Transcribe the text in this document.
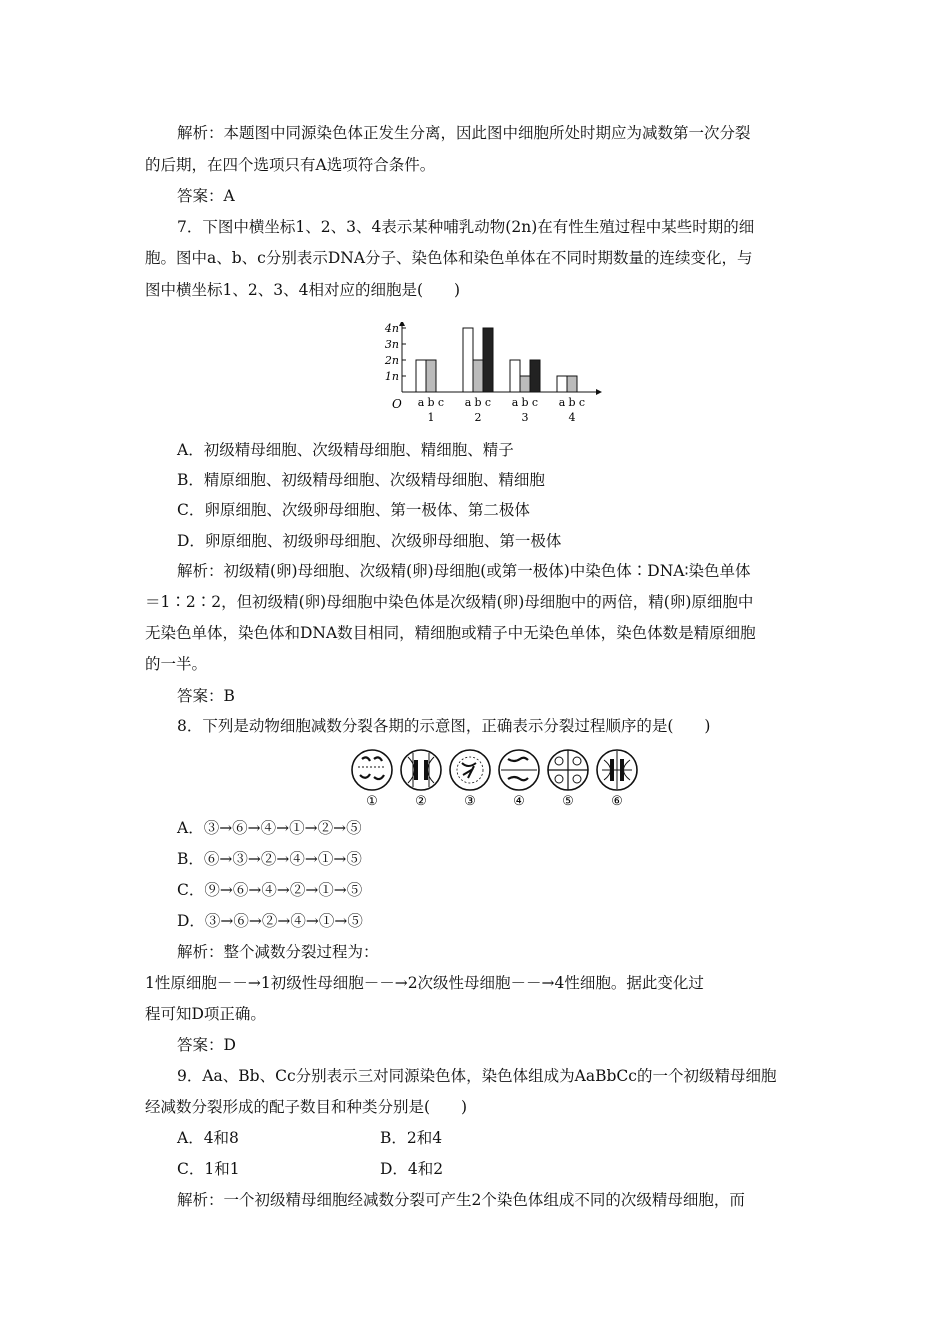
解析：本题图中同源染色体正发生分离，因此图中细胞所处时期应为减数第一次分裂
的后期，在四个选项只有A选项符合条件。
答案：A
7．下图中横坐标1、2、3、4表示某种哺乳动物(2n)在有性生殖过程中某些时期的细
胞。图中a、b、c分别表示DNA分子、染色体和染色单体在不同时期数量的连续变化，与
图中横坐标1、2、3、4相对应的细胞是(　　)
1n
2n
3n
4n
O a b c
1
a b c
2
a b c
3
a b c
4
A．初级精母细胞、次级精母细胞、精细胞、精子
B．精原细胞、初级精母细胞、次级精母细胞、精细胞
C．卵原细胞、次级卵母细胞、第一极体、第二极体
D．卵原细胞、初级卵母细胞、次级卵母细胞、第一极体
解析：初级精(卵)母细胞、次级精(卵)母细胞(或第一极体)中染色体∶DNA∶染色单体
＝1∶2∶2，但初级精(卵)母细胞中染色体是次级精(卵)母细胞中的两倍，精(卵)原细胞中
无染色单体，染色体和DNA数目相同，精细胞或精子中无染色单体，染色体数是精原细胞
的一半。
答案：B
8．下列是动物细胞减数分裂各期的示意图，正确表示分裂过程顺序的是(　　)
①	②	③	④	⑤	⑥
A．③→⑥→④→①→②→⑤
B．⑥→③→②→④→①→⑤
C．⑨→⑥→④→②→①→⑤
D．③→⑥→②→④→①→⑤
解析：整个减数分裂过程为：
1性原细胞－－→1初级性母细胞－－→2次级性母细胞－－→4性细胞。据此变化过
程可知D项正确。
答案：D
9．Aa、Bb、Cc分别表示三对同源染色体，染色体组成为AaBbCc的一个初级精母细胞
经减数分裂形成的配子数目和种类分别是(　　)
A．4和8	B．2和4
C．1和1	D．4和2
解析：一个初级精母细胞经减数分裂可产生2个染色体组成不同的次级精母细胞，而
